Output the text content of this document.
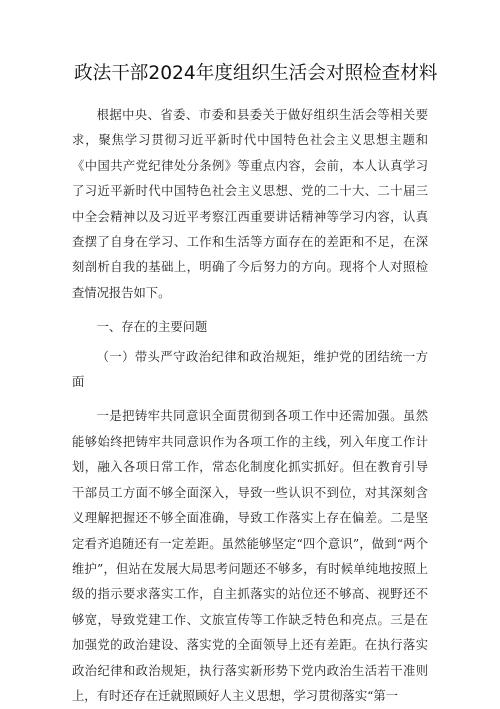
政法干部2024年度组织生活会对照检查材料

根据中央、省委、市委和县委关于做好组织生活会等相关要求，聚焦学习贯彻习近平新时代中国特色社会主义思想主题和《中国共产党纪律处分条例》等重点内容，会前，本人认真学习了习近平新时代中国特色社会主义思想、党的二十大、二十届三中全会精神以及习近平考察江西重要讲话精神等学习内容，认真查摆了自身在学习、工作和生活等方面存在的差距和不足，在深刻剖析自我的基础上，明确了今后努力的方向。现将个人对照检查情况报告如下。

一、存在的主要问题

（一）带头严守政治纪律和政治规矩，维护党的团结统一方面

一是把铸牢共同意识全面贯彻到各项工作中还需加强。虽然能够始终把铸牢共同意识作为各项工作的主线，列入年度工作计划，融入各项日常工作，常态化制度化抓实抓好。但在教育引导干部员工方面不够全面深入，导致一些认识不到位，对其深刻含义理解把握还不够全面准确，导致工作落实上存在偏差。二是坚定看齐追随还有一定差距。虽然能够坚定“四个意识”，做到“两个维护”，但站在发展大局思考问题还不够多，有时候单纯地按照上级的指示要求落实工作，自主抓落实的站位还不够高、视野还不够宽，导致党建工作、文旅宣传等工作缺乏特色和亮点。三是在加强党的政治建设、落实党的全面领导上还有差距。在执行落实政治纪律和政治规矩，执行落实新形势下党内政治生活若干准则上，有时还存在迁就照顾好人主义思想，学习贯彻落实“第一
